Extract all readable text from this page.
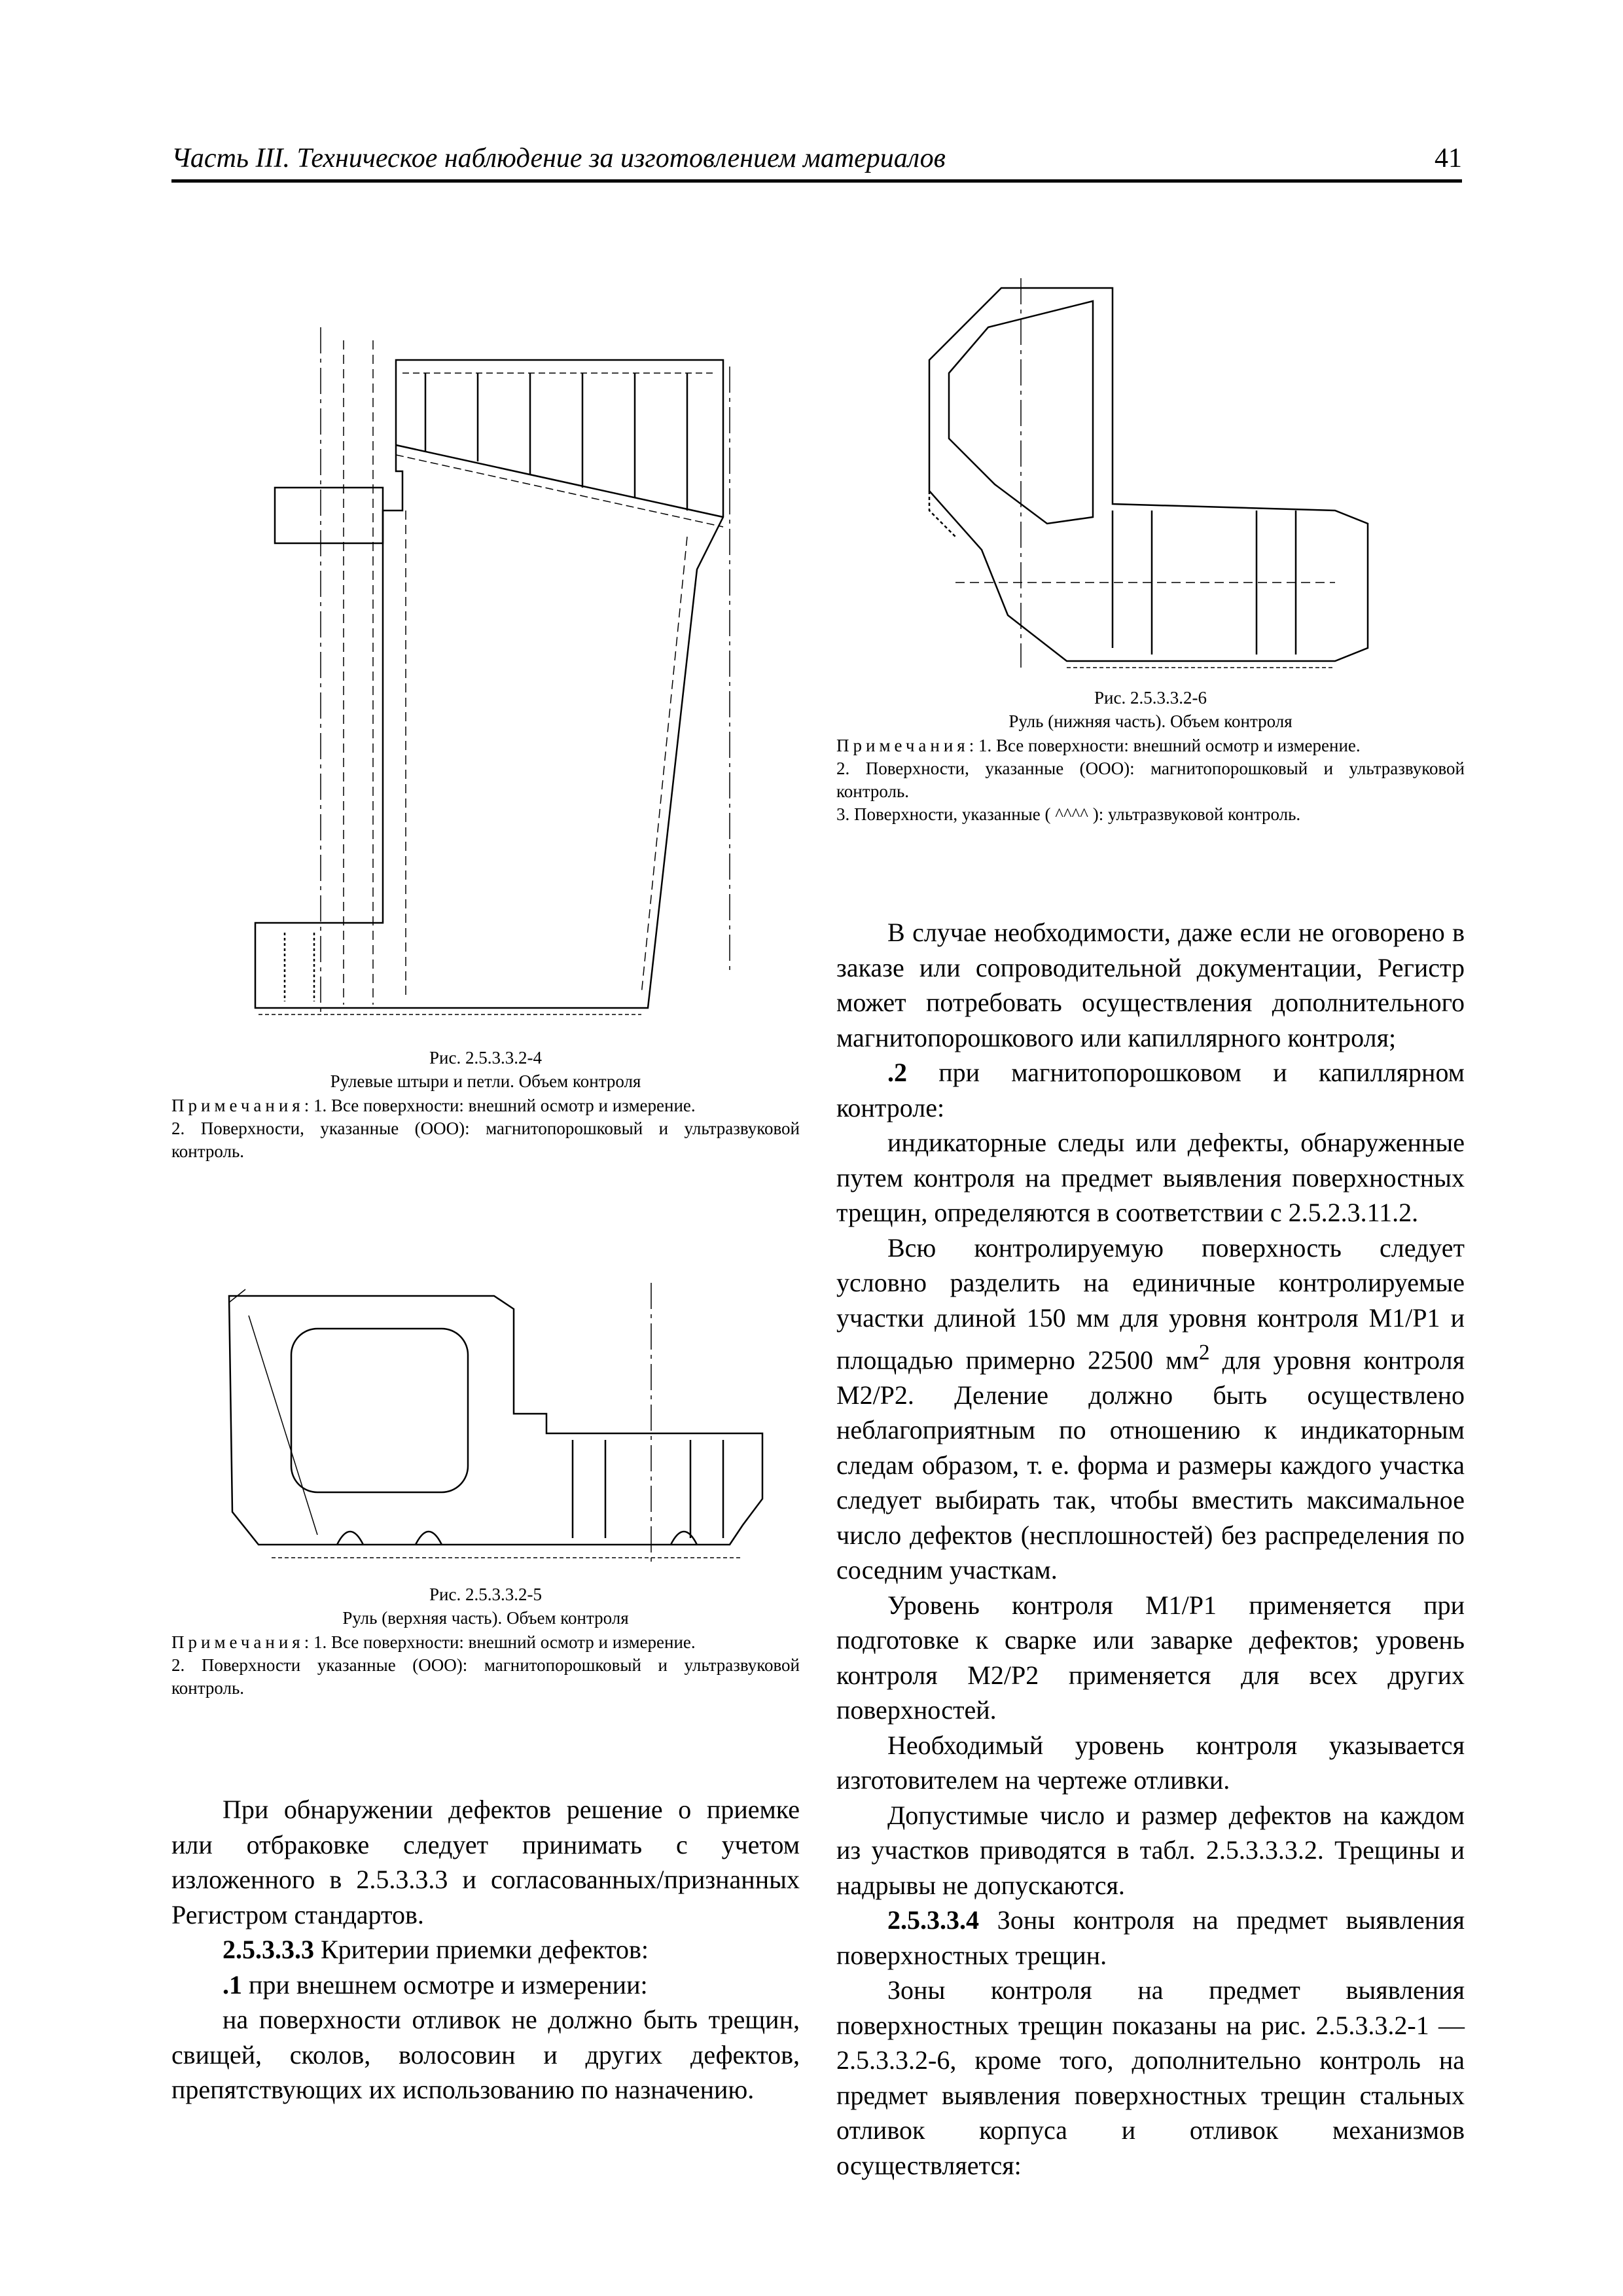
Часть III. Техническое наблюдение за изготовлением материалов	41
Рис. 2.5.3.3.2-4
Рулевые штыри и петли. Объем контроля

Примечания: 1. Все поверхности: внешний осмотр и измерение.

2. Поверхности, указанные (OOO): магнитопорошковый и ультразвуковой контроль.

Рис. 2.5.3.3.2-5
Руль (верхняя часть). Объем контроля

Примечания: 1. Все поверхности: внешний осмотр и измерение.

2. Поверхности указанные (OOO): магнитопорошковый и ультразвуковой контроль.

Рис. 2.5.3.3.2-6
Руль (нижняя часть). Объем контроля

Примечания: 1. Все поверхности: внешний осмотр и измерение.

2. Поверхности, указанные (OOO): магнитопорошковый и ультразвуковой контроль.

3. Поверхности, указанные ( ^^^^ ): ультразвуковой контроль.

При обнаружении дефектов решение о приемке или отбраковке следует принимать с учетом изложенного в 2.5.3.3.3 и согласованных/признанных Регистром стандартов.

2.5.3.3.3 Критерии приемки дефектов:

.1 при внешнем осмотре и измерении:

на поверхности отливок не должно быть трещин, свищей, сколов, волосовин и других дефектов, препятствующих их использованию по назначению.

В случае необходимости, даже если не оговорено в заказе или сопроводительной документации, Регистр может потребовать осуществления дополнительного магнитопорошкового или капиллярного контроля;

.2 при магнитопорошковом и капиллярном контроле:

индикаторные следы или дефекты, обнаруженные путем контроля на предмет выявления поверхностных трещин, определяются в соответствии с 2.5.2.3.11.2.

Всю контролируемую поверхность следует условно разделить на единичные контролируемые участки длиной 150 мм для уровня контроля M1/P1 и площадью примерно 22500 $мм^2$ для уровня контроля M2/P2. Деление должно быть осуществлено неблагоприятным по отношению к индикаторным следам образом, т. е. форма и размеры каждого участка следует выбирать так, чтобы вместить максимальное число дефектов (несплошностей) без распределения по соседним участкам.

Уровень контроля M1/P1 применяется при подготовке к сварке или заварке дефектов; уровень контроля M2/P2 применяется для всех других поверхностей.

Необходимый уровень контроля указывается изготовителем на чертеже отливки.

Допустимые число и размер дефектов на каждом из участков приводятся в табл. 2.5.3.3.3.2. Трещины и надрывы не допускаются.

2.5.3.3.4 Зоны контроля на предмет выявления поверхностных трещин.

Зоны контроля на предмет выявления поверхностных трещин показаны на рис. 2.5.3.3.2-1 — 2.5.3.3.2-6, кроме того, дополнительно контроль на предмет выявления поверхностных трещин стальных отливок корпуса и отливок механизмов осуществляется:
